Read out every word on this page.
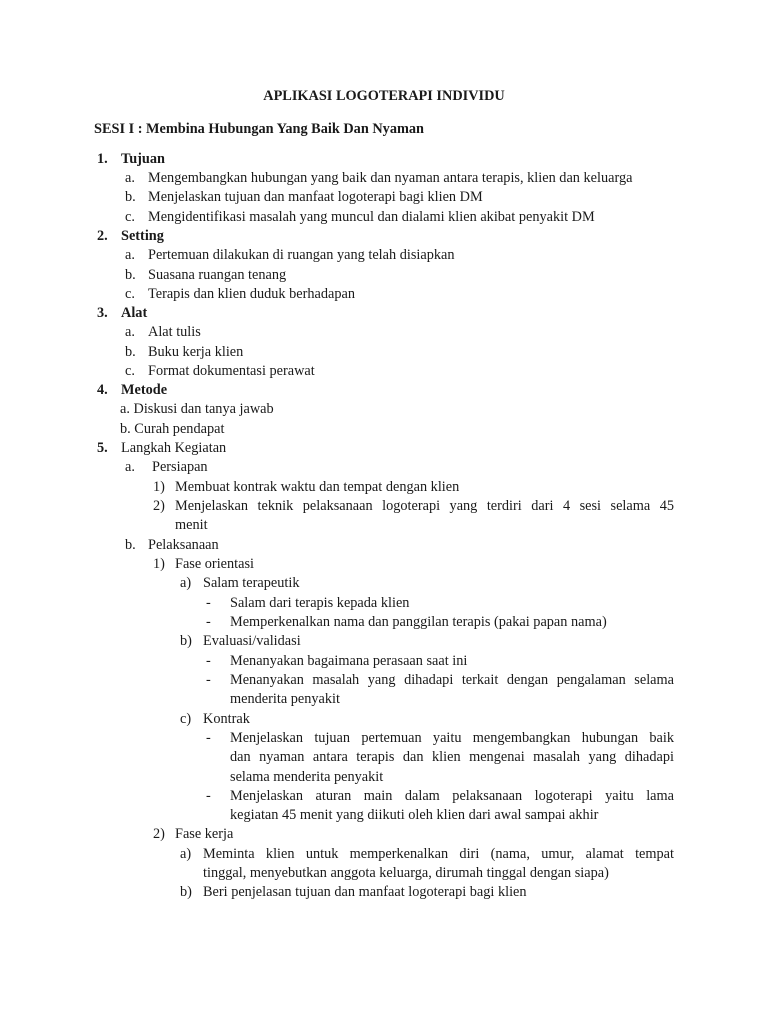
APLIKASI LOGOTERAPI INDIVIDU
SESI I : Membina Hubungan Yang Baik Dan Nyaman
1. Tujuan
a. Mengembangkan hubungan yang baik dan nyaman antara terapis, klien dan keluarga
b. Menjelaskan tujuan dan manfaat logoterapi bagi klien DM
c. Mengidentifikasi masalah yang muncul dan dialami klien akibat penyakit DM
2. Setting
a. Pertemuan dilakukan di ruangan yang telah disiapkan
b. Suasana ruangan tenang
c. Terapis dan klien duduk berhadapan
3. Alat
a. Alat tulis
b. Buku kerja klien
c. Format dokumentasi perawat
4. Metode
a. Diskusi dan tanya jawab
b. Curah pendapat
5. Langkah Kegiatan
a. Persiapan
1) Membuat kontrak waktu dan tempat dengan klien
2) Menjelaskan teknik pelaksanaan logoterapi yang terdiri dari 4 sesi selama 45
menit
b. Pelaksanaan
1) Fase orientasi
a) Salam terapeutik
- Salam dari terapis kepada klien
- Memperkenalkan nama dan panggilan terapis (pakai papan nama)
b) Evaluasi/validasi
- Menanyakan bagaimana perasaan saat ini
- Menanyakan masalah yang dihadapi terkait dengan pengalaman selama
menderita penyakit
c) Kontrak
- Menjelaskan tujuan pertemuan yaitu mengembangkan hubungan baik
dan nyaman antara terapis dan klien mengenai masalah yang dihadapi
selama menderita penyakit
- Menjelaskan aturan main dalam pelaksanaan logoterapi yaitu lama
kegiatan 45 menit yang diikuti oleh klien dari awal sampai akhir
2) Fase kerja
a) Meminta klien untuk memperkenalkan diri (nama, umur, alamat tempat
tinggal, menyebutkan anggota keluarga, dirumah tinggal dengan siapa)
b) Beri penjelasan tujuan dan manfaat logoterapi bagi klien
